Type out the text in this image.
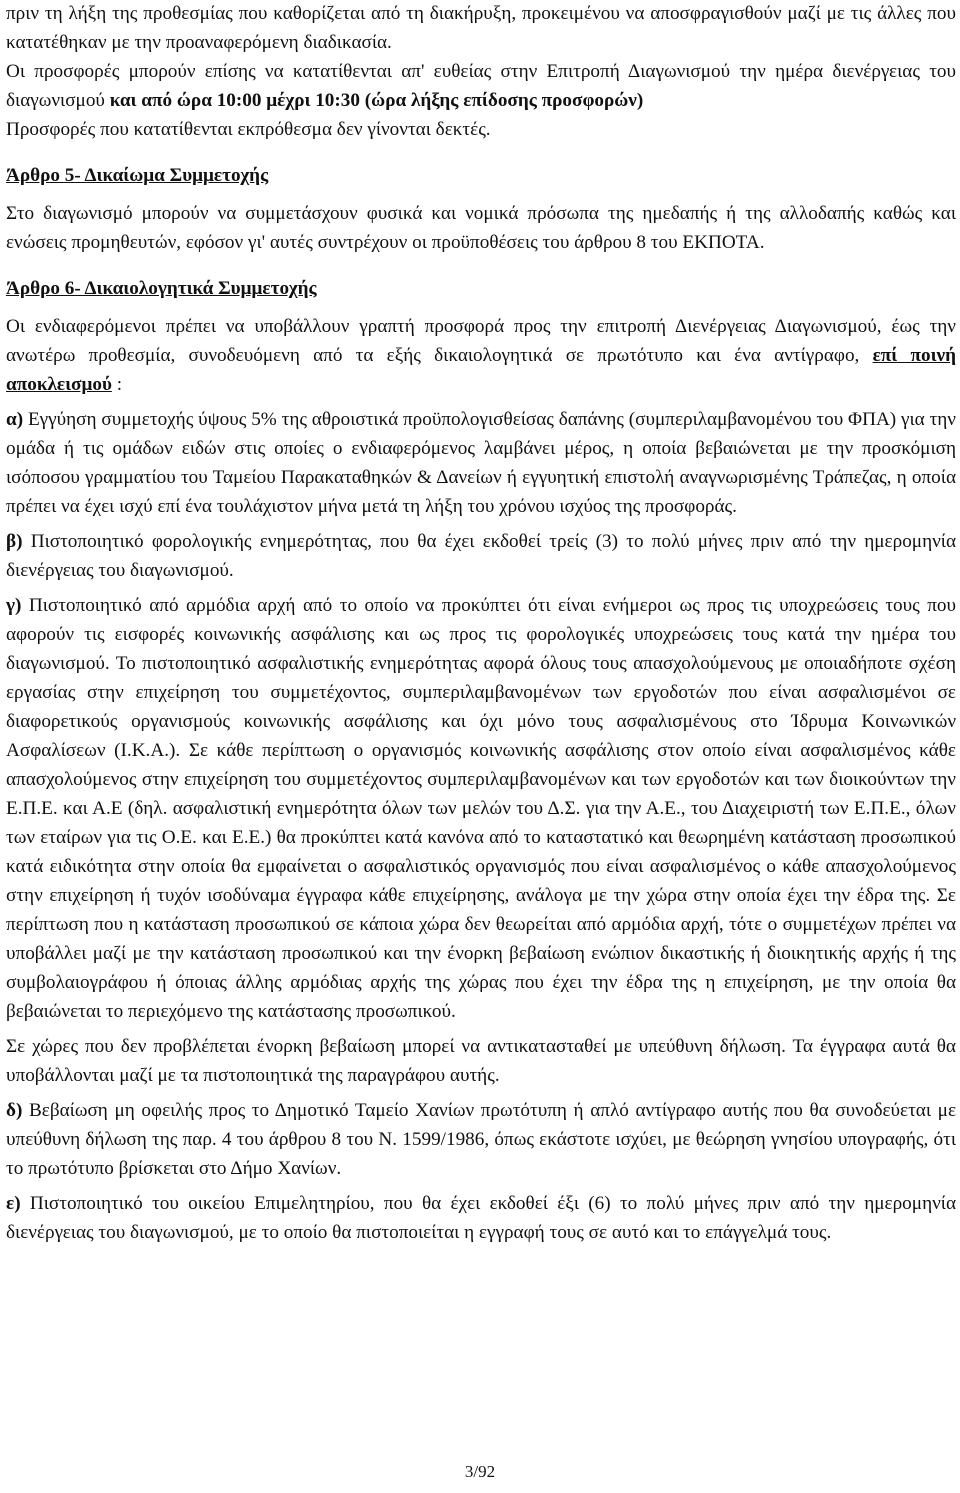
πριν τη λήξη της προθεσμίας που καθορίζεται από τη διακήρυξη, προκειμένου να αποσφραγισθούν μαζί με τις άλλες που κατατέθηκαν με την προαναφερόμενη διαδικασία.

Οι προσφορές μπορούν επίσης να κατατίθενται απ' ευθείας στην Επιτροπή Διαγωνισμού την ημέρα διενέργειας του διαγωνισμού και από ώρα 10:00 μέχρι 10:30 (ώρα λήξης επίδοσης προσφορών)

Προσφορές που κατατίθενται εκπρόθεσμα δεν γίνονται δεκτές.

Άρθρο 5- Δικαίωμα Συμμετοχής

Στο διαγωνισμό μπορούν να συμμετάσχουν φυσικά και νομικά πρόσωπα της ημεδαπής ή της αλλοδαπής καθώς και ενώσεις προμηθευτών, εφόσον γι' αυτές συντρέχουν οι προϋποθέσεις του άρθρου 8 του ΕΚΠΟΤΑ.

Άρθρο 6- Δικαιολογητικά Συμμετοχής

Οι ενδιαφερόμενοι πρέπει να υποβάλλουν γραπτή προσφορά προς την επιτροπή Διενέργειας Διαγωνισμού, έως την ανωτέρω προθεσμία, συνοδευόμενη από τα εξής δικαιολογητικά σε πρωτότυπο και ένα αντίγραφο, επί ποινή αποκλεισμού :

α) Εγγύηση συμμετοχής ύψους 5% της αθροιστικά προϋπολογισθείσας δαπάνης (συμπεριλαμβανομένου του ΦΠΑ) για την ομάδα ή τις ομάδων ειδών στις οποίες ο ενδιαφερόμενος λαμβάνει μέρος, η οποία βεβαιώνεται με την προσκόμιση ισόποσου γραμματίου του Ταμείου Παρακαταθηκών & Δανείων ή εγγυητική επιστολή αναγνωρισμένης Τράπεζας, η οποία πρέπει να έχει ισχύ επί ένα τουλάχιστον μήνα μετά τη λήξη του χρόνου ισχύος της προσφοράς.

β) Πιστοποιητικό φορολογικής ενημερότητας, που θα έχει εκδοθεί τρείς (3) το πολύ μήνες πριν από την ημερομηνία διενέργειας του διαγωνισμού.

γ) Πιστοποιητικό από αρμόδια αρχή από το οποίο να προκύπτει ότι είναι ενήμεροι ως προς τις υποχρεώσεις τους που αφορούν τις εισφορές κοινωνικής ασφάλισης και ως προς τις φορολογικές υποχρεώσεις τους κατά την ημέρα του διαγωνισμού. Το πιστοποιητικό ασφαλιστικής ενημερότητας αφορά όλους τους απασχολούμενους με οποιαδήποτε σχέση εργασίας στην επιχείρηση του συμμετέχοντος, συμπεριλαμβανομένων των εργοδοτών που είναι ασφαλισμένοι σε διαφορετικούς οργανισμούς κοινωνικής ασφάλισης και όχι μόνο τους ασφαλισμένους στο Ίδρυμα Κοινωνικών Ασφαλίσεων (Ι.Κ.Α.). Σε κάθε περίπτωση ο οργανισμός κοινωνικής ασφάλισης στον οποίο είναι ασφαλισμένος κάθε απασχολούμενος στην επιχείρηση του συμμετέχοντος συμπεριλαμβανομένων και των εργοδοτών και των διοικούντων την Ε.Π.Ε. και Α.Ε (δηλ. ασφαλιστική ενημερότητα όλων των μελών του Δ.Σ. για την Α.Ε., του Διαχειριστή των Ε.Π.Ε., όλων των εταίρων για τις Ο.Ε. και Ε.Ε.) θα προκύπτει κατά κανόνα από το καταστατικό και θεωρημένη κατάσταση προσωπικού κατά ειδικότητα στην οποία θα εμφαίνεται ο ασφαλιστικός οργανισμός που είναι ασφαλισμένος ο κάθε απασχολούμενος στην επιχείρηση ή τυχόν ισοδύναμα έγγραφα κάθε επιχείρησης, ανάλογα με την χώρα στην οποία έχει την έδρα της. Σε περίπτωση που η κατάσταση προσωπικού σε κάποια χώρα δεν θεωρείται από αρμόδια αρχή, τότε ο συμμετέχων πρέπει να υποβάλλει μαζί με την κατάσταση προσωπικού και την ένορκη βεβαίωση ενώπιον δικαστικής ή διοικητικής αρχής ή της συμβολαιογράφου ή όποιας άλλης αρμόδιας αρχής της χώρας που έχει την έδρα της η επιχείρηση, με την οποία θα βεβαιώνεται το περιεχόμενο της κατάστασης προσωπικού.

Σε χώρες που δεν προβλέπεται ένορκη βεβαίωση μπορεί να αντικατασταθεί με υπεύθυνη δήλωση. Τα έγγραφα αυτά θα υποβάλλονται μαζί με τα πιστοποιητικά της παραγράφου αυτής.

δ) Βεβαίωση μη οφειλής προς το Δημοτικό Ταμείο Χανίων πρωτότυπη ή απλό αντίγραφο αυτής που θα συνοδεύεται με υπεύθυνη δήλωση της παρ. 4 του άρθρου 8 του Ν. 1599/1986, όπως εκάστοτε ισχύει, με θεώρηση γνησίου υπογραφής, ότι το πρωτότυπο βρίσκεται στο Δήμο Χανίων.

ε) Πιστοποιητικό του οικείου Επιμελητηρίου, που θα έχει εκδοθεί έξι (6) το πολύ μήνες πριν από την ημερομηνία διενέργειας του διαγωνισμού, με το οποίο θα πιστοποιείται η εγγραφή τους σε αυτό και το επάγγελμά τους.

3/92
